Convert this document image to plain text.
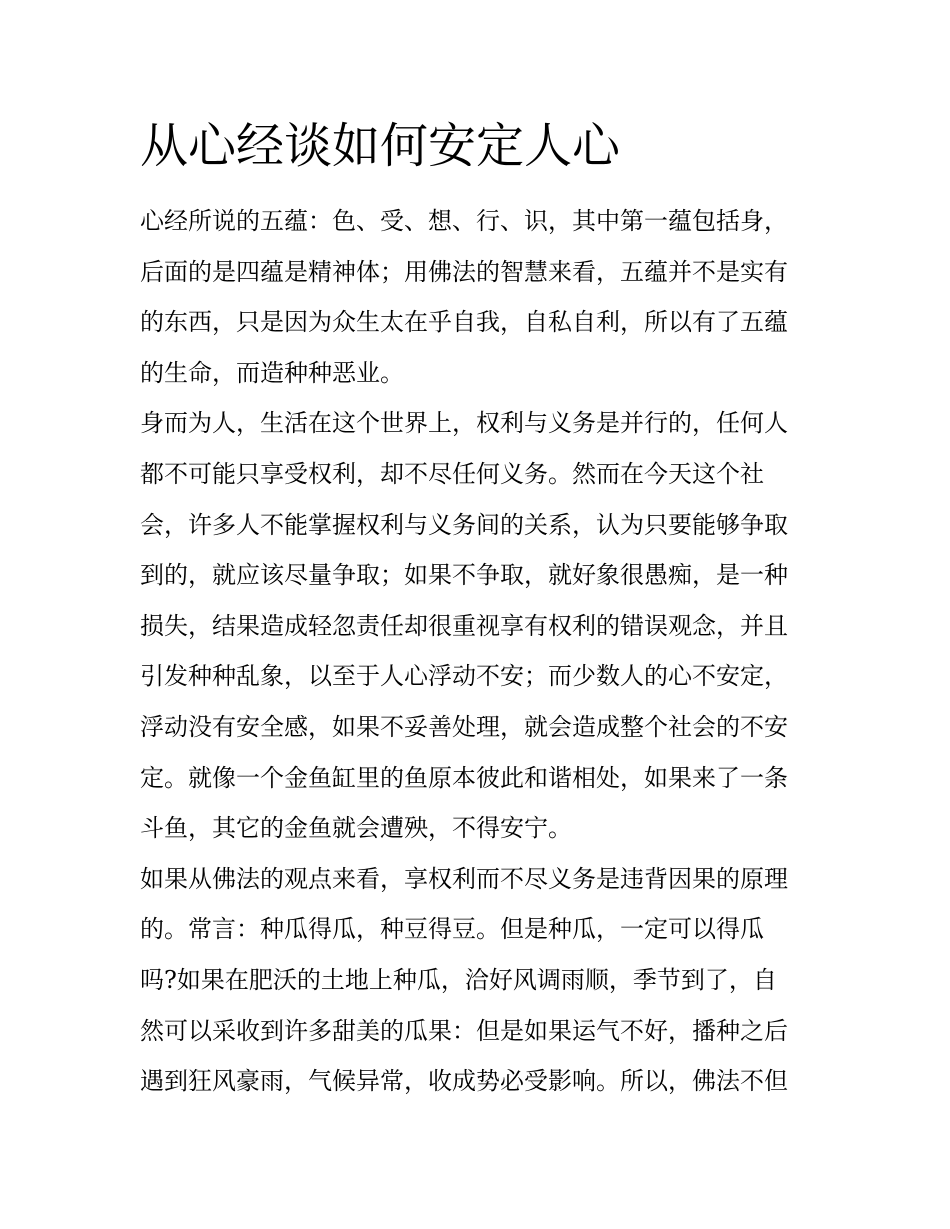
从心经谈如何安定人心

心经所说的五蕴：色、受、想、行、识，其中第一蕴包括身，
后面的是四蕴是精神体；用佛法的智慧来看，五蕴并不是实有
的东西，只是因为众生太在乎自我，自私自利，所以有了五蕴
的生命，而造种种恶业。

身而为人，生活在这个世界上，权利与义务是并行的，任何人
都不可能只享受权利，却不尽任何义务。然而在今天这个社
会，许多人不能掌握权利与义务间的关系，认为只要能够争取
到的，就应该尽量争取；如果不争取，就好象很愚痴，是一种
损失，结果造成轻忽责任却很重视享有权利的错误观念，并且
引发种种乱象，以至于人心浮动不安；而少数人的心不安定，
浮动没有安全感，如果不妥善处理，就会造成整个社会的不安
定。就像一个金鱼缸里的鱼原本彼此和谐相处，如果来了一条
斗鱼，其它的金鱼就会遭殃，不得安宁。

如果从佛法的观点来看，享权利而不尽义务是违背因果的原理
的。常言：种瓜得瓜，种豆得豆。但是种瓜，一定可以得瓜
吗?如果在肥沃的土地上种瓜，洽好风调雨顺，季节到了，自
然可以采收到许多甜美的瓜果：但是如果运气不好，播种之后
遇到狂风豪雨，气候异常，收成势必受影响。所以，佛法不但
